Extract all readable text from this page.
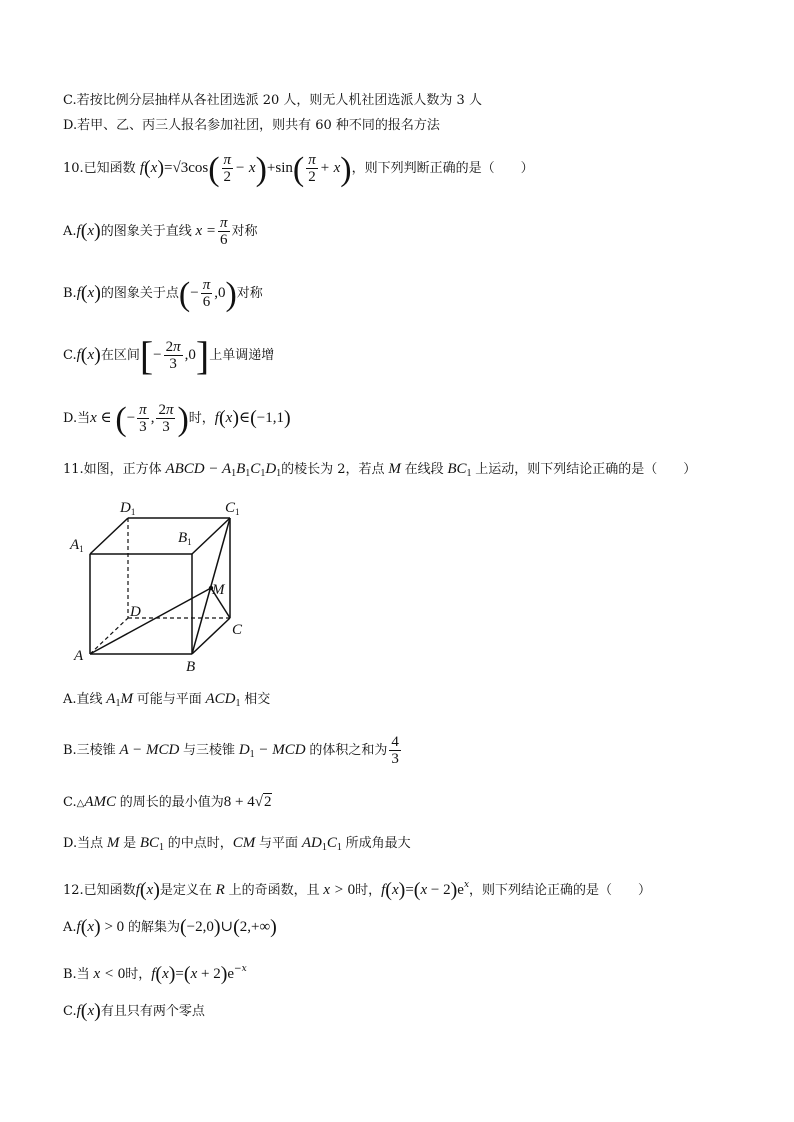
C.若按比例分层抽样从各社团选派 20 人，则无人机社团选派人数为 3 人
D.若甲、乙、丙三人报名参加社团，则共有 60 种不同的报名方法
10.已知函数 $f(x)=√3\cos( \frac{\pi}{2} - x)+\sin( \frac{\pi}{2} + x)$，则下列判断正确的是（　　）
A.f(x)的图象关于直线 $x = \frac{\pi}{6}$ 对称
B.f(x)的图象关于点(− $\frac{\pi}{6} ,0$)对称
C.f(x)在区间[− $\frac{2\pi}{3} ,0$]上单调递增
D.当x ∈ (− $\frac{\pi}{3}$ , $\frac{2\pi}{3}$ )时，f(x)∈(−1,1)
11.如图，正方体 ABCD − $A_1B_1C_1D_1$的棱长为 2，若点 M 在线段 $BC_1$ 上运动，则下列结论正确的是（　　）
$D_1$	$C_1$
$A_1$
$B_1$
M
D
C
A
B
A.直线 $A_1M$ 可能与平面 $ACD_1$ 相交
B.三棱锥 A − MCD 与三棱锥 $D_1$ − MCD 的体积之和为 $\frac{4}{3}$
C.△AMC 的周长的最小值为8 + 4√2
D.当点 M 是 $BC_1$ 的中点时，CM 与平面 $AD_1C_1$ 所成角最大
12.已知函数f(x)是定义在 R 上的奇函数，且 x > 0时，$f(x)=(x - 2)e^x$，则下列结论正确的是（　　）
A.f(x) > 0 的解集为(−2,0)∪(2,+∞)
B.当 x < 0时，$f(x)=(x + 2)e^{-x}$
C.f(x)有且只有两个零点
